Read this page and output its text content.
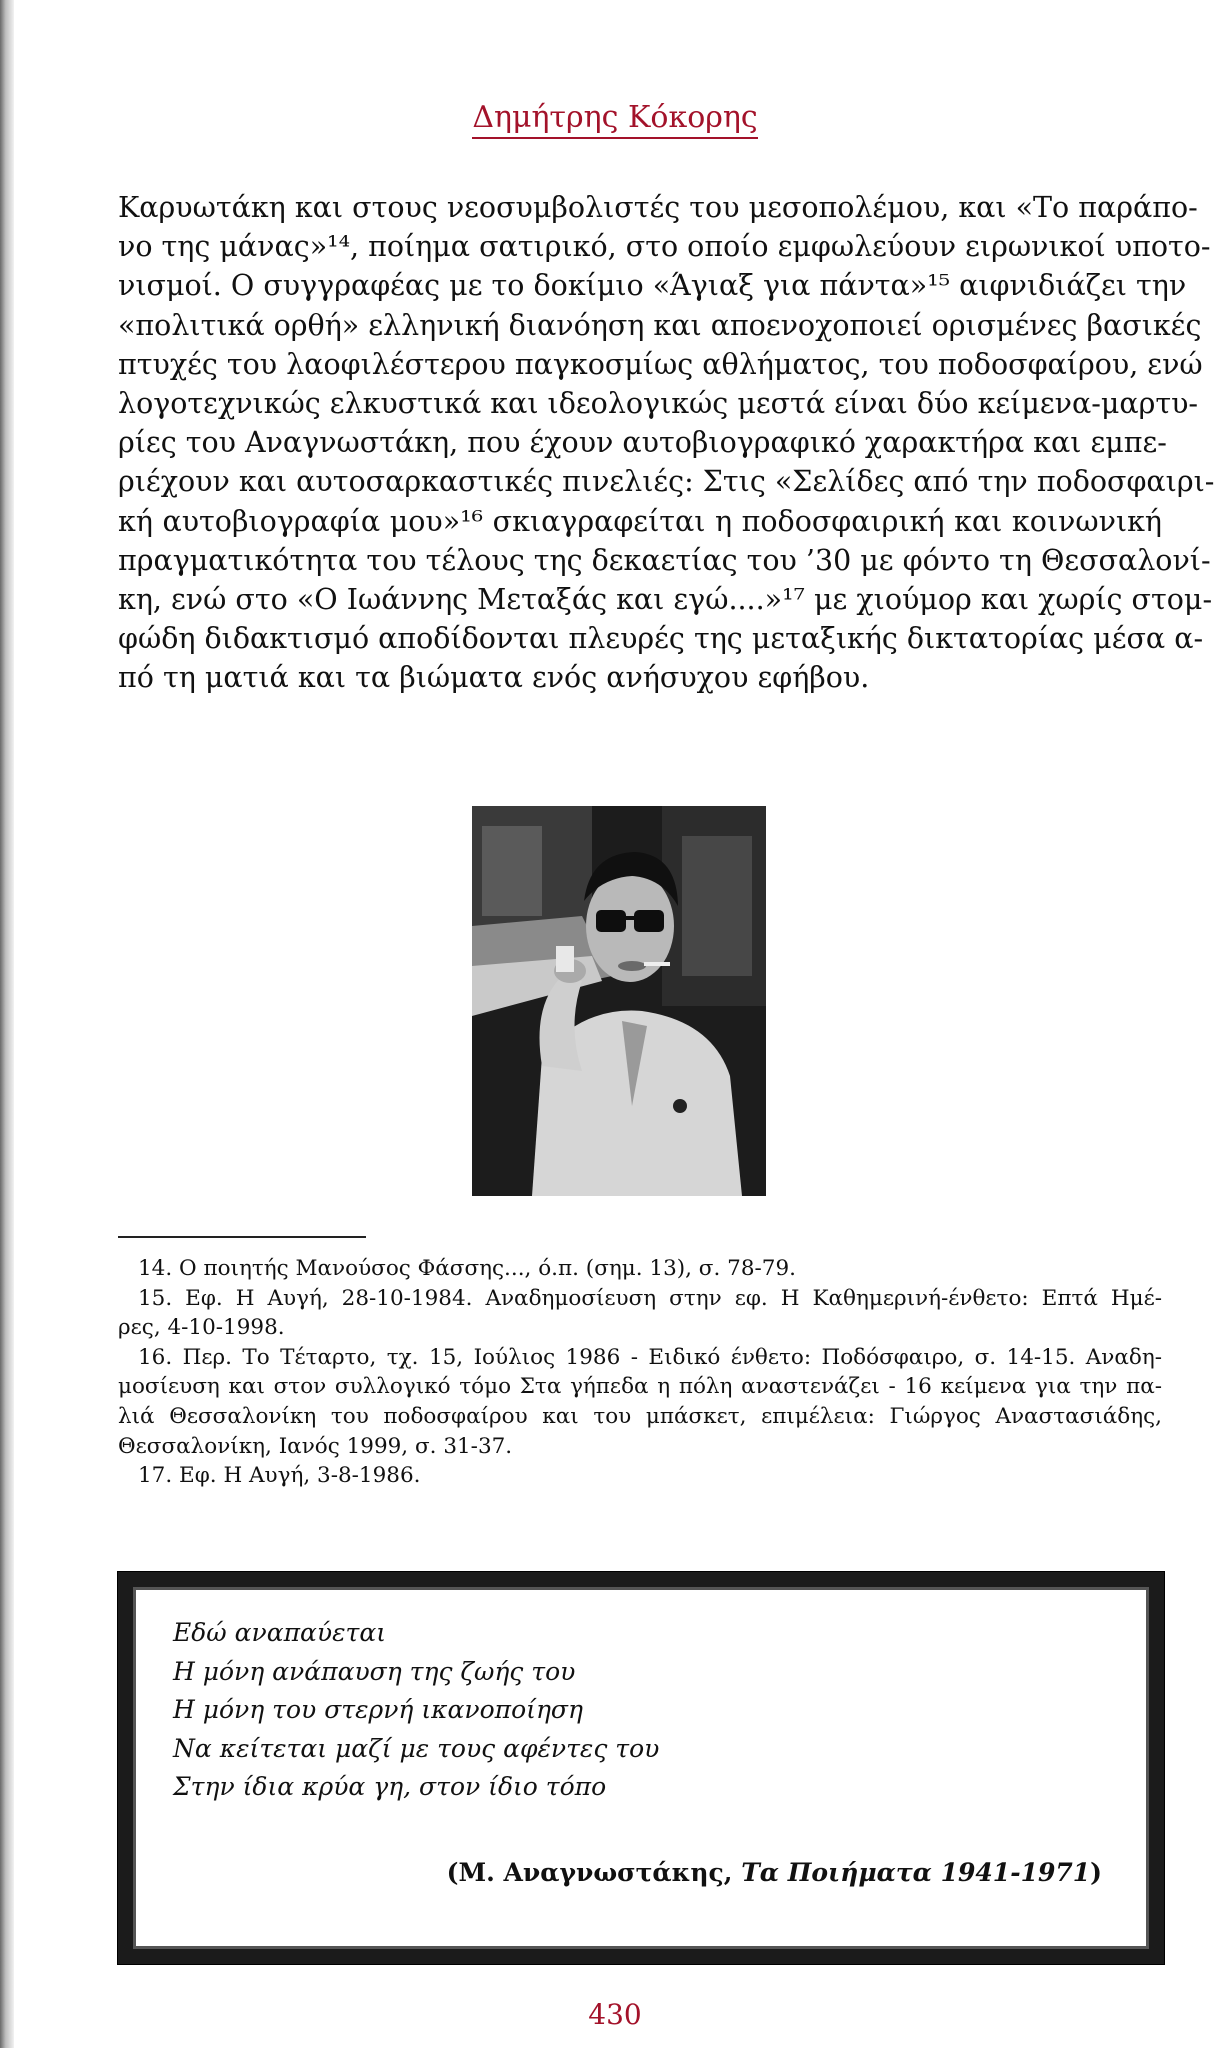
Δημήτρης Κόκορης
Καρυωτάκη και στους νεοσυμβολιστές του μεσοπολέμου, και «Το παράπο-
νο της μάνας»¹⁴, ποίημα σατιρικό, στο οποίο εμφωλεύουν ειρωνικοί υποτο-
νισμοί. Ο συγγραφέας με το δοκίμιο «Άγιαξ για πάντα»¹⁵ αιφνιδιάζει την
«πολιτικά ορθή» ελληνική διανόηση και αποενοχοποιεί ορισμένες βασικές
πτυχές του λαοφιλέστερου παγκοσμίως αθλήματος, του ποδοσφαίρου, ενώ
λογοτεχνικώς ελκυστικά και ιδεολογικώς μεστά είναι δύο κείμενα-μαρτυ-
ρίες του Αναγνωστάκη, που έχουν αυτοβιογραφικό χαρακτήρα και εμπε-
ριέχουν και αυτοσαρκαστικές πινελιές: Στις «Σελίδες από την ποδοσφαιρι-
κή αυτοβιογραφία μου»¹⁶ σκιαγραφείται η ποδοσφαιρική και κοινωνική
πραγματικότητα του τέλους της δεκαετίας του ’30 με φόντο τη Θεσσαλονί-
κη, ενώ στο «Ο Ιωάννης Μεταξάς και εγώ....»¹⁷ με χιούμορ και χωρίς στομ-
φώδη διδακτισμό αποδίδονται πλευρές της μεταξικής δικτατορίας μέσα α-
πό τη ματιά και τα βιώματα ενός ανήσυχου εφήβου.
14. Ο ποιητής Μανούσος Φάσσης..., ό.π. (σημ. 13), σ. 78-79.
15. Εφ. Η Αυγή, 28-10-1984. Αναδημοσίευση στην εφ. Η Καθημερινή-ένθετο: Επτά Ημέ-
ρες, 4-10-1998.
16. Περ. Το Τέταρτο, τχ. 15, Ιούλιος 1986 - Ειδικό ένθετο: Ποδόσφαιρο, σ. 14-15. Αναδη-
μοσίευση και στον συλλογικό τόμο Στα γήπεδα η πόλη αναστενάζει - 16 κείμενα για την πα-
λιά Θεσσαλονίκη του ποδοσφαίρου και του μπάσκετ, επιμέλεια: Γιώργος Αναστασιάδης,
Θεσσαλονίκη, Ιανός 1999, σ. 31-37.
17. Εφ. Η Αυγή, 3-8-1986.
Εδώ αναπαύεται
Η μόνη ανάπαυση της ζωής του
Η μόνη του στερνή ικανοποίηση
Να κείτεται μαζί με τους αφέντες του
Στην ίδια κρύα γη, στον ίδιο τόπο
(Μ. Αναγνωστάκης, Τα Ποιήματα 1941-1971)
430
